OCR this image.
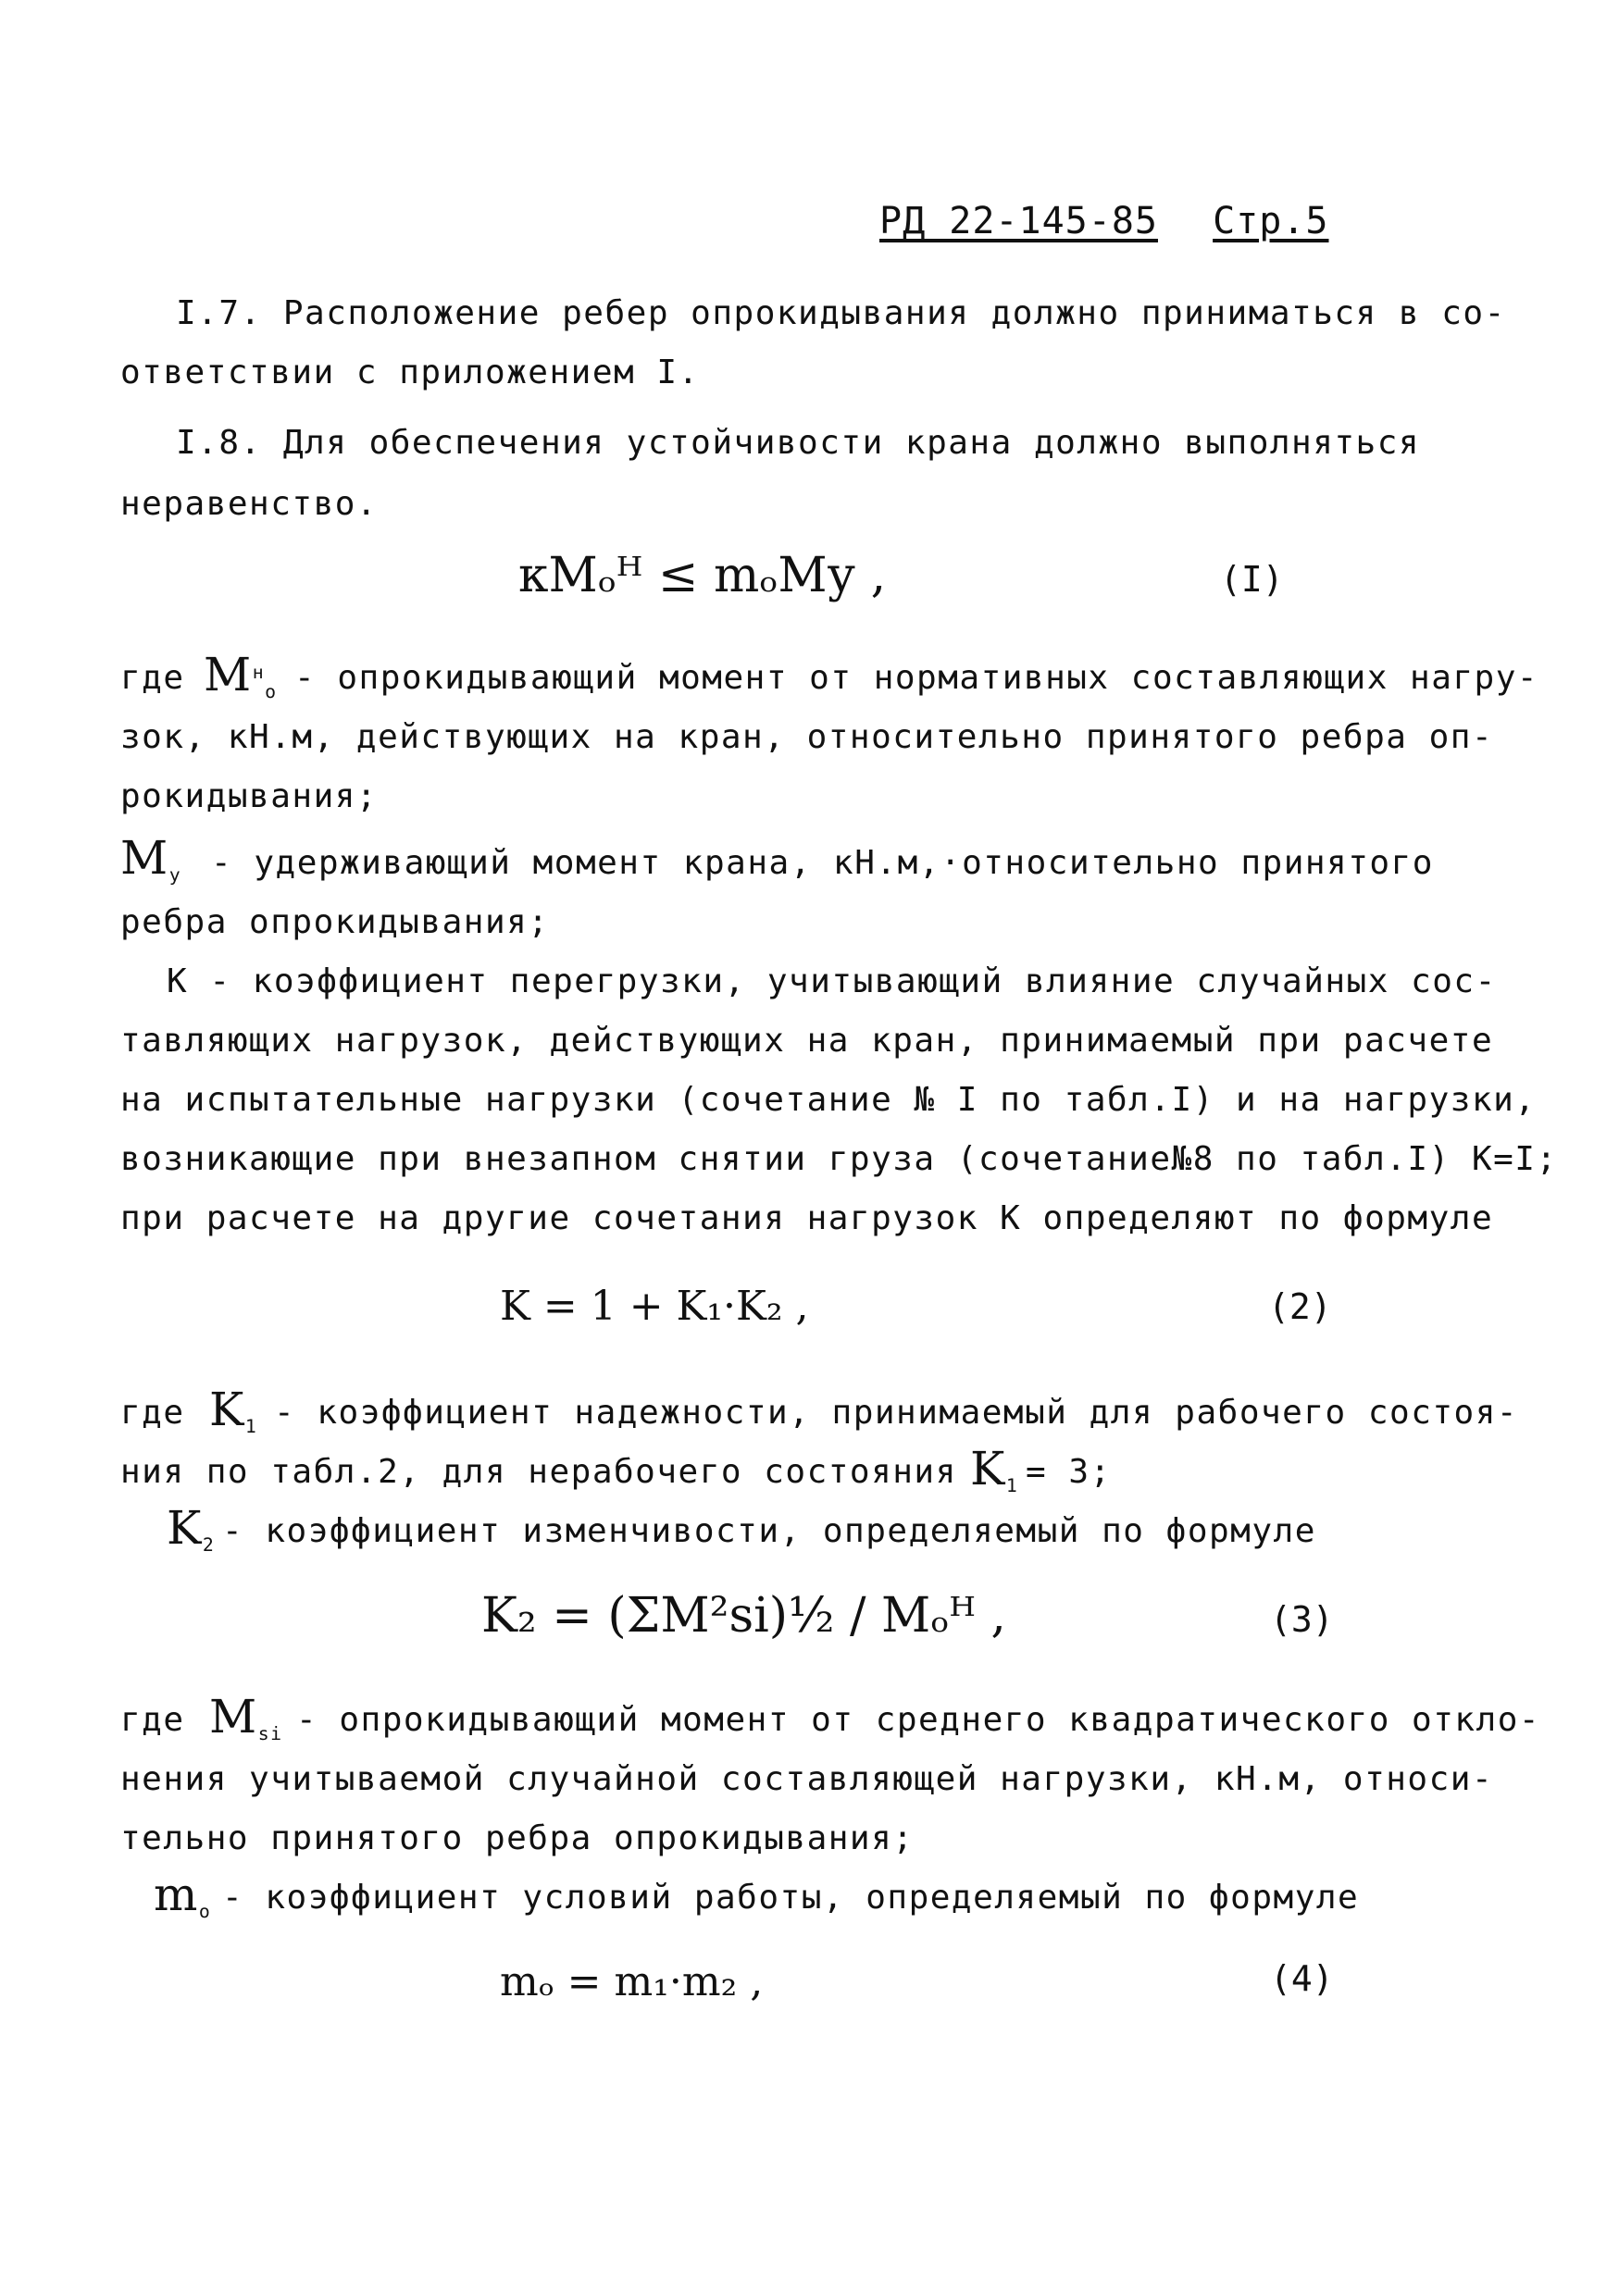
РД 22-145-85 Стр.5
I.7. Расположение ребер опрокидывания должно приниматься в со-
ответствии с приложением I.
I.8. Для обеспечения устойчивости крана должно выполняться
неравенство.
кMₒᴴ ≤ mₒMу ,	(I)
где $M^н_о$ - опрокидывающий момент от нормативных составляющих нагру-
зок, кН.м, действующих на кран, относительно принятого ребра оп-
рокидывания;
$M_у$ - удерживающий момент крана, кН.м,·относительно принятого
ребра опрокидывания;
К - коэффициент перегрузки, учитывающий влияние случайных сос-
тавляющих нагрузок, действующих на кран, принимаемый при расчете
на испытательные нагрузки (сочетание № I по табл.I) и на нагрузки,
возникающие при внезапном снятии груза (сочетание№8 по табл.I) К=I;
при расчете на другие сочетания нагрузок К определяют по формуле
K = 1 + K₁·K₂ ,	(2)
где $K_1$ - коэффициент надежности, принимаемый для рабочего состоя-
ния по табл.2, для нерабочего состояния $K_1 = 3$;
$K_2$ - коэффициент изменчивости, определяемый по формуле
K₂ = (ΣM²si)½ / Mₒᴴ ,	(3)
где $M_{si}$ - опрокидывающий момент от среднего квадратического откло-
нения учитываемой случайной составляющей нагрузки, кН.м, относи-
тельно принятого ребра опрокидывания;
$m_о$ - коэффициент условий работы, определяемый по формуле
mₒ = m₁·m₂ ,	(4)
